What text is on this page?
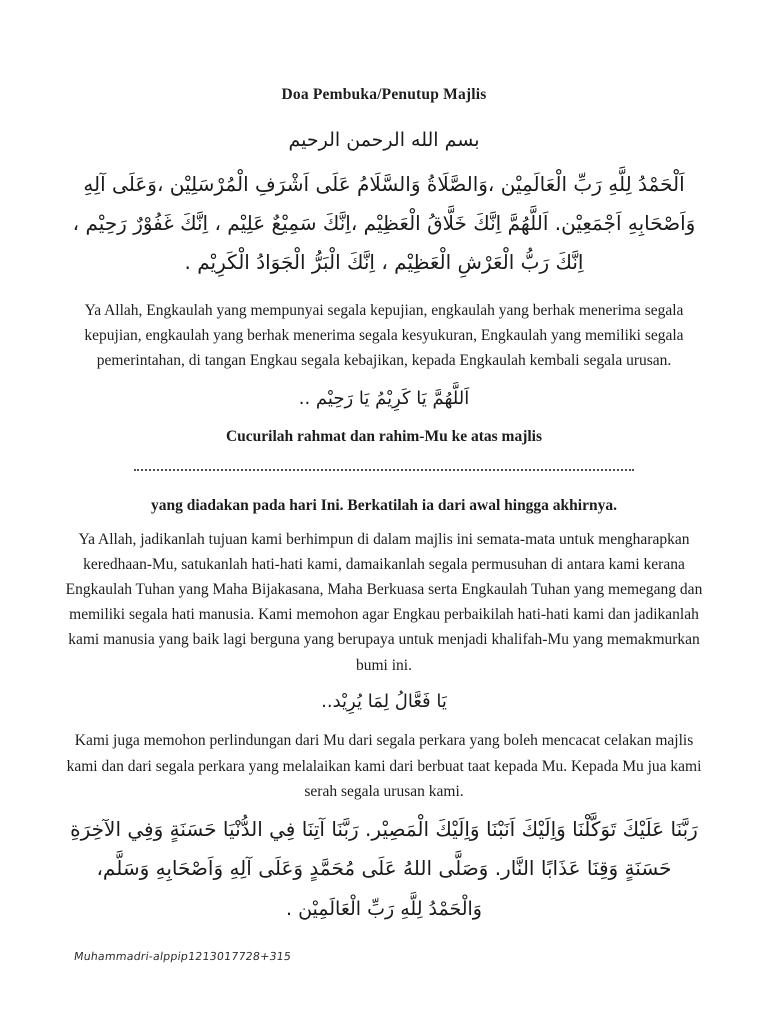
Doa Pembuka/Penutup Majlis

بسم الله الرحمن الرحيم

اَلْحَمْدُ لِلَّهِ رَبِّ الْعَالَمِيْن ،وَالصَّلَاةُ وَالسَّلَامُ عَلَى اَشْرَفِ الْمُرْسَلِيْن ،وَعَلَى آلِهِ وَاَصْحَابِهِ اَجْمَعِيْن. اَللَّهُمَّ اِنَّكَ خَلَّاقُ الْعَظِيْم ،اِنَّكَ سَمِيْعٌ عَلِيْم ، اِنَّكَ غَفُوْرٌ رَحِيْم ، اِنَّكَ رَبُّ الْعَرْشِ الْعَظِيْم ، اِنَّكَ الْبَرُّ الْجَوَادُ الْكَرِيْم .

Ya Allah, Engkaulah yang mempunyai segala kepujian, engkaulah yang berhak menerima segala kepujian, engkaulah yang berhak menerima segala kesyukuran, Engkaulah yang memiliki segala pemerintahan, di tangan Engkau segala kebajikan, kepada Engkaulah kembali segala urusan.

اَللَّهُمَّ يَا كَرِيْمُ يَا رَحِيْم ..

Cucurilah rahmat dan rahim-Mu ke atas majlis

yang diadakan pada hari Ini. Berkatilah ia dari awal hingga akhirnya.

Ya Allah, jadikanlah tujuan kami berhimpun di dalam majlis ini semata-mata untuk mengharapkan keredhaan-Mu, satukanlah hati-hati kami, damaikanlah segala permusuhan di antara kami kerana Engkaulah Tuhan yang Maha Bijakasana, Maha Berkuasa serta Engkaulah Tuhan yang memegang dan memiliki segala hati manusia. Kami memohon agar Engkau perbaikilah hati-hati kami dan jadikanlah kami manusia yang baik lagi berguna yang berupaya untuk menjadi khalifah-Mu yang memakmurkan bumi ini.

يَا فَعَّالُ لِمَا يُرِيْد..

Kami juga memohon perlindungan dari Mu dari segala perkara yang boleh mencacat celakan majlis kami dan dari segala perkara yang melalaikan kami dari berbuat taat kepada Mu. Kepada Mu jua kami serah segala urusan kami.

رَبَّنَا عَلَيْكَ تَوَكَّلْنَا وَاِلَيْكَ اَنَبْنَا وَاِلَيْكَ الْمَصِيْر. رَبَّنَا آتِنَا فِي الدُّنْيَا حَسَنَةٍ وَفِي الآخِرَةِ حَسَنَةٍ وَقِنَا عَذَابًا النَّار. وَصَلَّى اللهُ عَلَى مُحَمَّدٍ وَعَلَى آلِهِ وَاَصْحَابِهِ وَسَلَّم،

وَالْحَمْدُ لِلَّهِ رَبِّ الْعَالَمِيْن .

Muhammadri-alppip1213017728+315
